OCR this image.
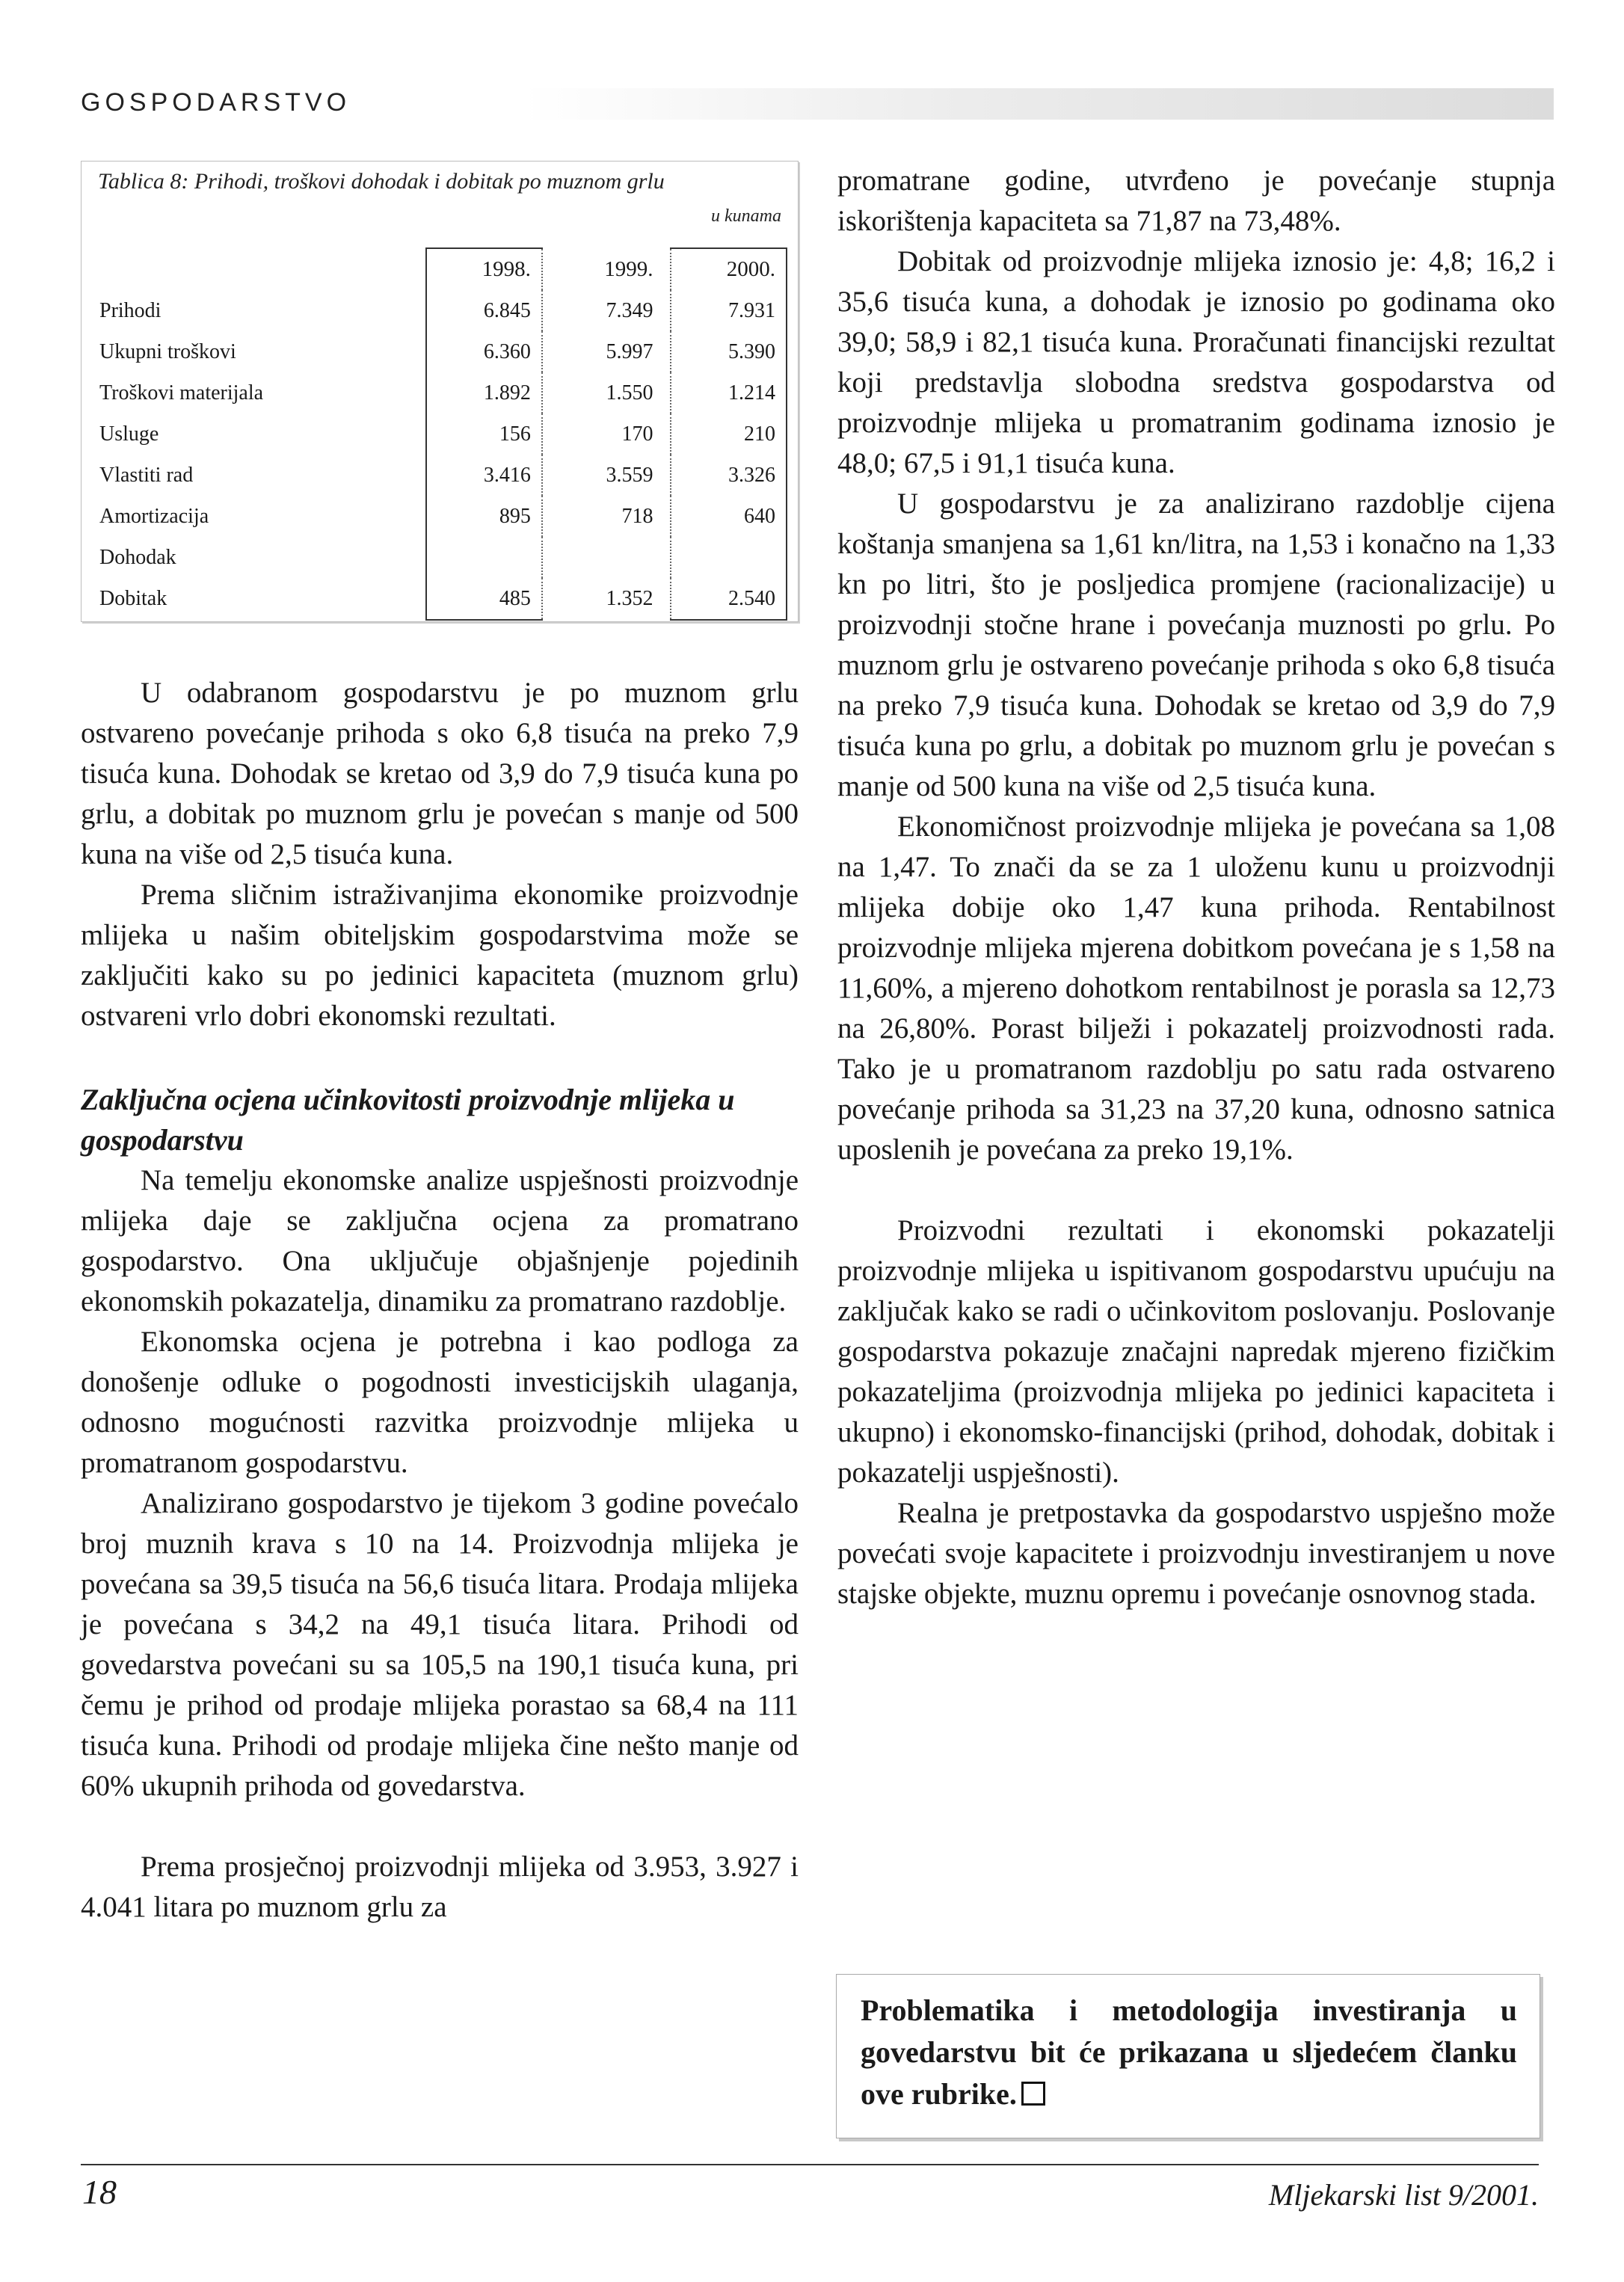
GOSPODARSTVO
Tablica 8: Prihodi, troškovi dohodak i dobitak po muznom grlu
u kunama
	1998.		1999.		2000.
Prihodi	6.845		7.349		7.931
Ukupni troškovi	6.360		5.997		5.390
Troškovi materijala	1.892		1.550		1.214
Usluge	156		170		210
Vlastiti rad	3.416		3.559		3.326
Amortizacija	895		718		640
Dohodak					
Dobitak	485		1.352		2.540

U odabranom gospodarstvu je po muznom grlu ostvareno povećanje prihoda s oko 6,8 tisuća na preko 7,9 tisuća kuna. Dohodak se kretao od 3,9 do 7,9 tisuća kuna po grlu, a dobitak po muznom grlu je povećan s manje od 500 kuna na više od 2,5 tisuća kuna.

Prema sličnim istraživanjima ekonomike proizvodnje mlijeka u našim obiteljskim gospodarstvima može se zaključiti kako su po jedinici kapaciteta (muznom grlu) ostvareni vrlo dobri ekonomski rezultati.

Zaključna ocjena učinkovitosti proizvodnje mlijeka u gospodarstvu

Na temelju ekonomske analize uspješnosti proizvodnje mlijeka daje se zaključna ocjena za promatrano gospodarstvo. Ona uključuje objašnjenje pojedinih ekonomskih pokazatelja, dinamiku za promatrano razdoblje.

Ekonomska ocjena je potrebna i kao podloga za donošenje odluke o pogodnosti investicijskih ulaganja, odnosno mogućnosti razvitka proizvodnje mlijeka u promatranom gospodarstvu.

Analizirano gospodarstvo je tijekom 3 godine povećalo broj muznih krava s 10 na 14. Proizvodnja mlijeka je povećana sa 39,5 tisuća na 56,6 tisuća litara. Prodaja mlijeka je povećana s 34,2 na 49,1 tisuća litara. Prihodi od govedarstva povećani su sa 105,5 na 190,1 tisuća kuna, pri čemu je prihod od prodaje mlijeka porastao sa 68,4 na 111 tisuća kuna. Prihodi od prodaje mlijeka čine nešto manje od 60% ukupnih prihoda od govedarstva.

Prema prosječnoj proizvodnji mlijeka od 3.953, 3.927 i 4.041 litara po muznom grlu za

promatrane godine, utvrđeno je povećanje stupnja iskorištenja kapaciteta sa 71,87 na 73,48%.

Dobitak od proizvodnje mlijeka iznosio je: 4,8; 16,2 i 35,6 tisuća kuna, a dohodak je iznosio po godinama oko 39,0; 58,9 i 82,1 tisuća kuna. Proračunati financijski rezultat koji predstavlja slobodna sredstva gospodarstva od proizvodnje mlijeka u promatranim godinama iznosio je 48,0; 67,5 i 91,1 tisuća kuna.

U gospodarstvu je za analizirano razdoblje cijena koštanja smanjena sa 1,61 kn/litra, na 1,53 i konačno na 1,33 kn po litri, što je posljedica promjene (racionalizacije) u proizvodnji stočne hrane i povećanja muznosti po grlu. Po muznom grlu je ostvareno povećanje prihoda s oko 6,8 tisuća na preko 7,9 tisuća kuna. Dohodak se kretao od 3,9 do 7,9 tisuća kuna po grlu, a dobitak po muznom grlu je povećan s manje od 500 kuna na više od 2,5 tisuća kuna.

Ekonomičnost proizvodnje mlijeka je povećana sa 1,08 na 1,47. To znači da se za 1 uloženu kunu u proizvodnji mlijeka dobije oko 1,47 kuna prihoda. Rentabilnost proizvodnje mlijeka mjerena dobitkom povećana je s 1,58 na 11,60%, a mjereno dohotkom rentabilnost je porasla sa 12,73 na 26,80%. Porast bilježi i pokazatelj proizvodnosti rada. Tako je u promatranom razdoblju po satu rada ostvareno povećanje prihoda sa 31,23 na 37,20 kuna, odnosno satnica uposlenih je povećana za preko 19,1%.

Proizvodni rezultati i ekonomski pokazatelji proizvodnje mlijeka u ispitivanom gospodarstvu upućuju na zaključak kako se radi o učinkovitom poslovanju. Poslovanje gospodarstva pokazuje značajni napredak mjereno fizičkim pokazateljima (proizvodnja mlijeka po jedinici kapaciteta i ukupno) i ekonomsko-financijski (prihod, dohodak, dobitak i pokazatelji uspješnosti).

Realna je pretpostavka da gospodarstvo uspješno može povećati svoje kapacitete i proizvodnju investiranjem u nove stajske objekte, muznu opremu i povećanje osnovnog stada.

Problematika i metodologija investiranja u govedarstvu bit će prikazana u sljedećem članku ove rubrike.

18	Mljekarski list 9/2001.
